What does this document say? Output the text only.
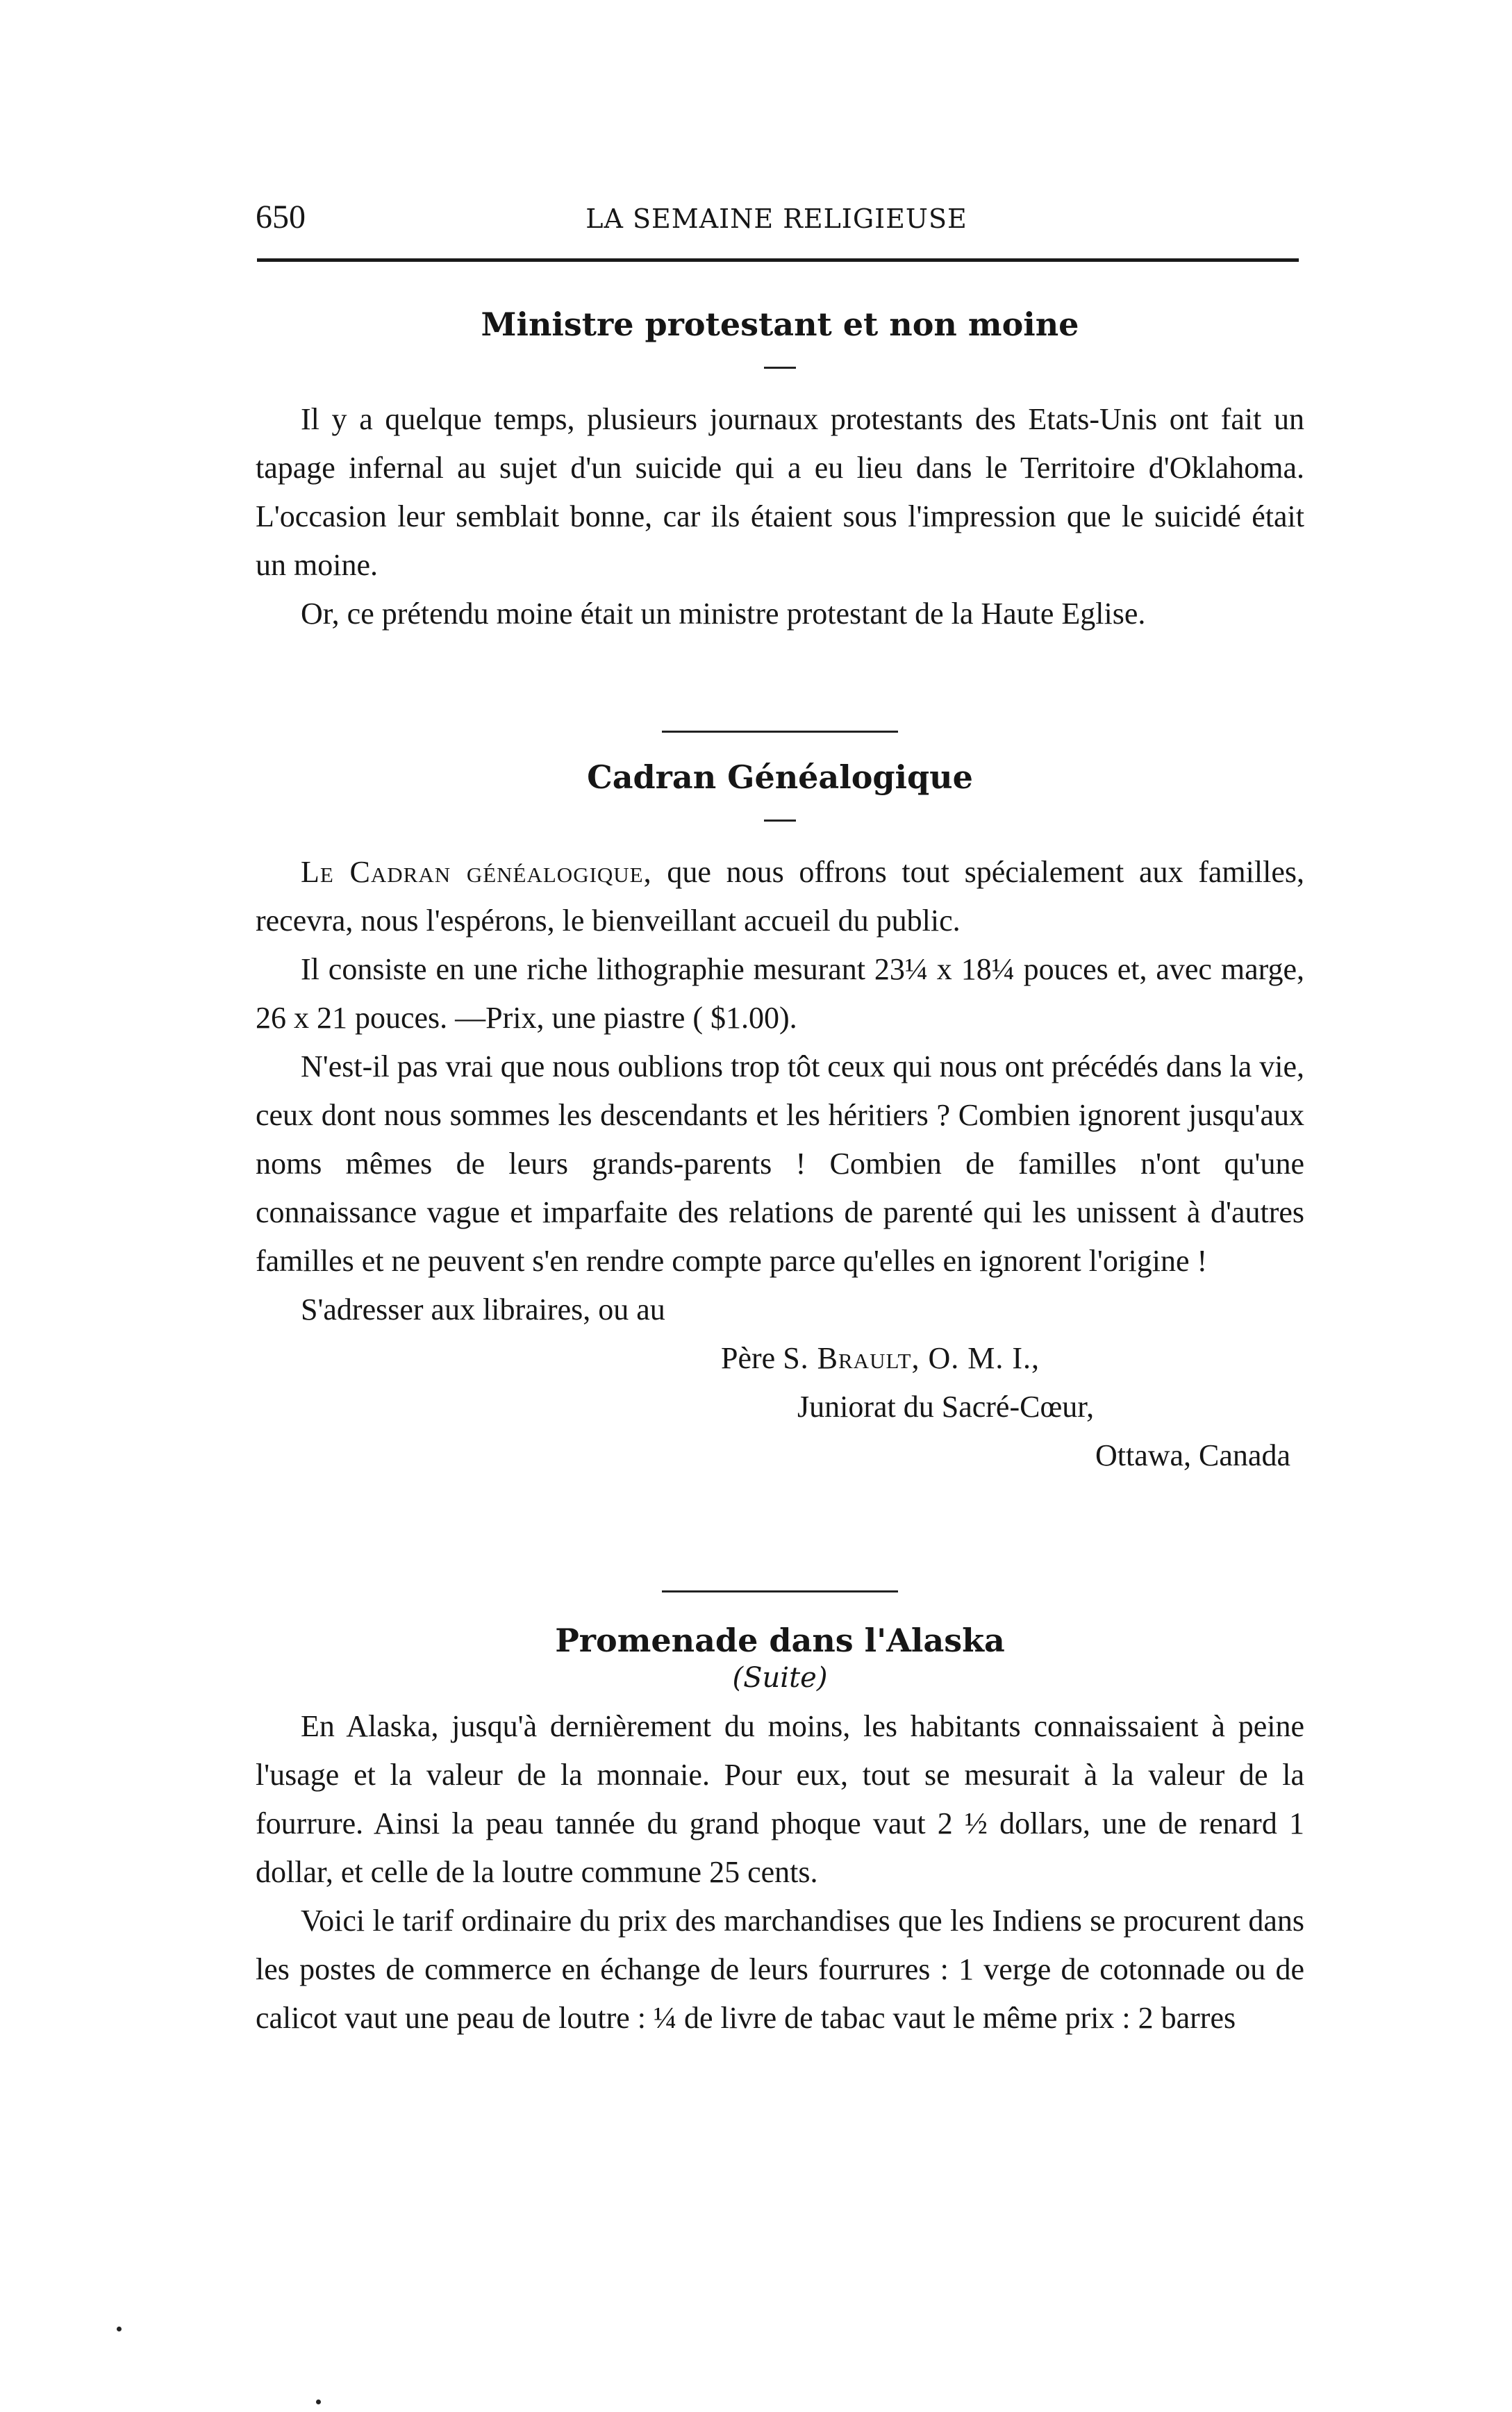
650	LA SEMAINE RELIGIEUSE
Ministre protestant et non moine

Il y a quelque temps, plusieurs journaux protestants des Etats-Unis ont fait un tapage infernal au sujet d'un suicide qui a eu lieu dans le Territoire d'Oklahoma. L'occasion leur semblait bonne, car ils étaient sous l'impression que le suicidé était un moine.

Or, ce prétendu moine était un ministre protestant de la Haute Eglise.

Cadran Généalogique

Le Cadran généalogique, que nous offrons tout spécialement aux familles, recevra, nous l'espérons, le bienveillant accueil du public.

Il consiste en une riche lithographie mesurant 23¼ x 18¼ pouces et, avec marge, 26 x 21 pouces. —Prix, une piastre ( $1.00).

N'est-il pas vrai que nous oublions trop tôt ceux qui nous ont précédés dans la vie, ceux dont nous sommes les descendants et les héritiers ? Combien ignorent jusqu'aux noms mêmes de leurs grands-parents ! Combien de familles n'ont qu'une connaissance vague et imparfaite des relations de parenté qui les unissent à d'autres familles et ne peuvent s'en rendre compte parce qu'elles en ignorent l'origine !

S'adresser aux libraires, ou au

Père S. Brault, O. M. I.,
Juniorat du Sacré-Cœur,
Ottawa, Canada
Promenade dans l'Alaska
(Suite)

En Alaska, jusqu'à dernièrement du moins, les habitants connaissaient à peine l'usage et la valeur de la monnaie. Pour eux, tout se mesurait à la valeur de la fourrure. Ainsi la peau tannée du grand phoque vaut 2 ½ dollars, une de renard 1 dollar, et celle de la loutre commune 25 cents.

Voici le tarif ordinaire du prix des marchandises que les Indiens se procurent dans les postes de commerce en échange de leurs fourrures : 1 verge de cotonnade ou de calicot vaut une peau de loutre : ¼ de livre de tabac vaut le même prix : 2 barres
